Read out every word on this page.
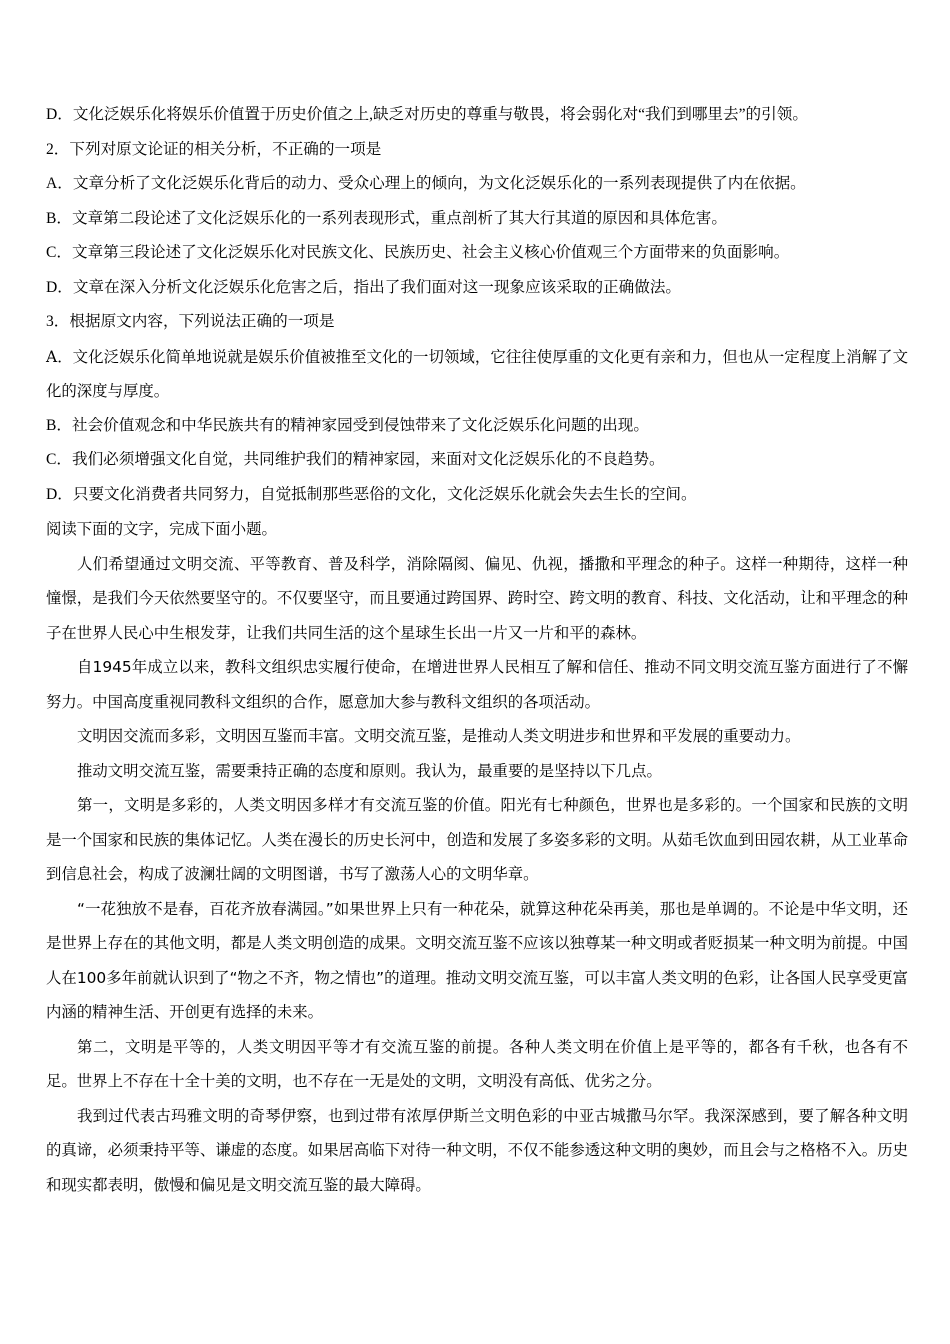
D．文化泛娱乐化将娱乐价值置于历史价值之上,缺乏对历史的尊重与敬畏，将会弱化对“我们到哪里去”的引领。
2．下列对原文论证的相关分析，不正确的一项是
A．文章分析了文化泛娱乐化背后的动力、受众心理上的倾向，为文化泛娱乐化的一系列表现提供了内在依据。
B．文章第二段论述了文化泛娱乐化的一系列表现形式，重点剖析了其大行其道的原因和具体危害。
C．文章第三段论述了文化泛娱乐化对民族文化、民族历史、社会主义核心价值观三个方面带来的负面影响。
D．文章在深入分析文化泛娱乐化危害之后，指出了我们面对这一现象应该采取的正确做法。
3．根据原文内容，下列说法正确的一项是

A．文化泛娱乐化简单地说就是娱乐价值被推至文化的一切领域，它往往使厚重的文化更有亲和力，但也从一定程度上消解了文化的深度与厚度。

B．社会价值观念和中华民族共有的精神家园受到侵蚀带来了文化泛娱乐化问题的出现。
C．我们必须增强文化自觉，共同维护我们的精神家园，来面对文化泛娱乐化的不良趋势。
D．只要文化消费者共同努力，自觉抵制那些恶俗的文化，文化泛娱乐化就会失去生长的空间。
阅读下面的文字，完成下面小题。

人们希望通过文明交流、平等教育、普及科学，消除隔阂、偏见、仇视，播撒和平理念的种子。这样一种期待，这样一种憧憬，是我们今天依然要坚守的。不仅要坚守，而且要通过跨国界、跨时空、跨文明的教育、科技、文化活动，让和平理念的种子在世界人民心中生根发芽，让我们共同生活的这个星球生长出一片又一片和平的森林。

自1945年成立以来，教科文组织忠实履行使命，在增进世界人民相互了解和信任、推动不同文明交流互鉴方面进行了不懈努力。中国高度重视同教科文组织的合作，愿意加大参与教科文组织的各项活动。

文明因交流而多彩，文明因互鉴而丰富。文明交流互鉴，是推动人类文明进步和世界和平发展的重要动力。

推动文明交流互鉴，需要秉持正确的态度和原则。我认为，最重要的是坚持以下几点。

第一，文明是多彩的，人类文明因多样才有交流互鉴的价值。阳光有七种颜色，世界也是多彩的。一个国家和民族的文明是一个国家和民族的集体记忆。人类在漫长的历史长河中，创造和发展了多姿多彩的文明。从茹毛饮血到田园农耕，从工业革命到信息社会，构成了波澜壮阔的文明图谱，书写了激荡人心的文明华章。

“一花独放不是春，百花齐放春满园。”如果世界上只有一种花朵，就算这种花朵再美，那也是单调的。不论是中华文明，还是世界上存在的其他文明，都是人类文明创造的成果。文明交流互鉴不应该以独尊某一种文明或者贬损某一种文明为前提。中国人在100多年前就认识到了“物之不齐，物之情也”的道理。推动文明交流互鉴，可以丰富人类文明的色彩，让各国人民享受更富内涵的精神生活、开创更有选择的未来。

第二，文明是平等的，人类文明因平等才有交流互鉴的前提。各种人类文明在价值上是平等的，都各有千秋，也各有不足。世界上不存在十全十美的文明，也不存在一无是处的文明，文明没有高低、优劣之分。

我到过代表古玛雅文明的奇琴伊察，也到过带有浓厚伊斯兰文明色彩的中亚古城撒马尔罕。我深深感到，要了解各种文明的真谛，必须秉持平等、谦虚的态度。如果居高临下对待一种文明，不仅不能参透这种文明的奥妙，而且会与之格格不入。历史和现实都表明，傲慢和偏见是文明交流互鉴的最大障碍。
